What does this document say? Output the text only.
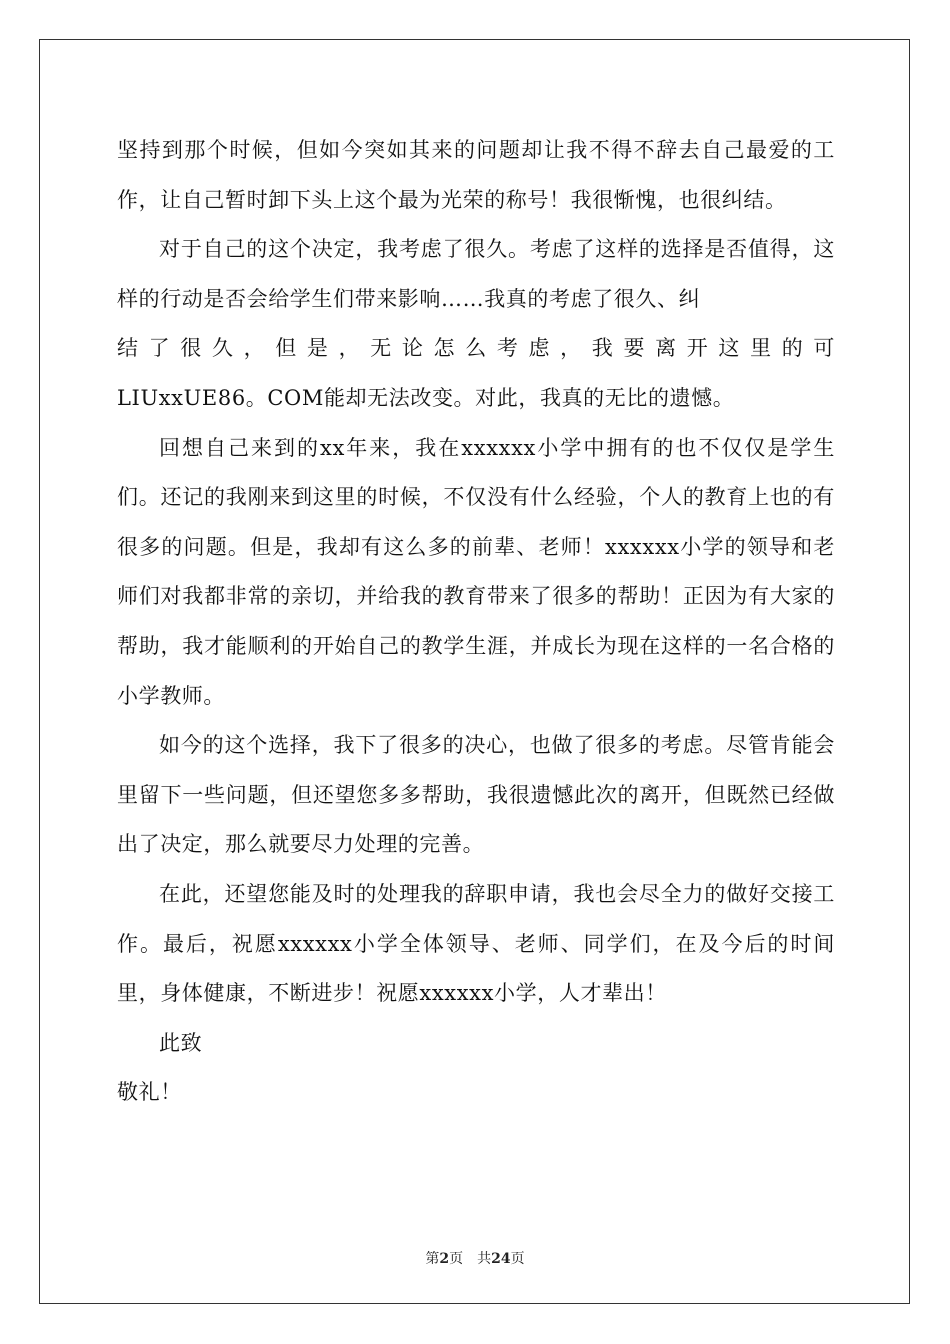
坚持到那个时候，但如今突如其来的问题却让我不得不辞去自己最爱的工作，让自己暂时卸下头上这个最为光荣的称号！我很惭愧，也很纠结。

对于自己的这个决定，我考虑了很久。考虑了这样的选择是否值得，这样的行动是否会给学生们带来影响……我真的考虑了很久、纠

结了很久，但是，无论怎么考虑，我要离开这里的可

LIUxxUE86。COM能却无法改变。对此，我真的无比的遗憾。

回想自己来到的xx年来，我在xxxxxx小学中拥有的也不仅仅是学生们。还记的我刚来到这里的时候，不仅没有什么经验，个人的教育上也的有很多的问题。但是，我却有这么多的前辈、老师！xxxxxx小学的领导和老师们对我都非常的亲切，并给我的教育带来了很多的帮助！正因为有大家的帮助，我才能顺利的开始自己的教学生涯，并成长为现在这样的一名合格的小学教师。

如今的这个选择，我下了很多的决心，也做了很多的考虑。尽管肯能会里留下一些问题，但还望您多多帮助，我很遗憾此次的离开，但既然已经做出了决定，那么就要尽力处理的完善。

在此，还望您能及时的处理我的辞职申请，我也会尽全力的做好交接工作。最后，祝愿xxxxxx小学全体领导、老师、同学们，在及今后的时间里，身体健康，不断进步！祝愿xxxxxx小学，人才辈出！

此致

敬礼！

第2页 共24页
